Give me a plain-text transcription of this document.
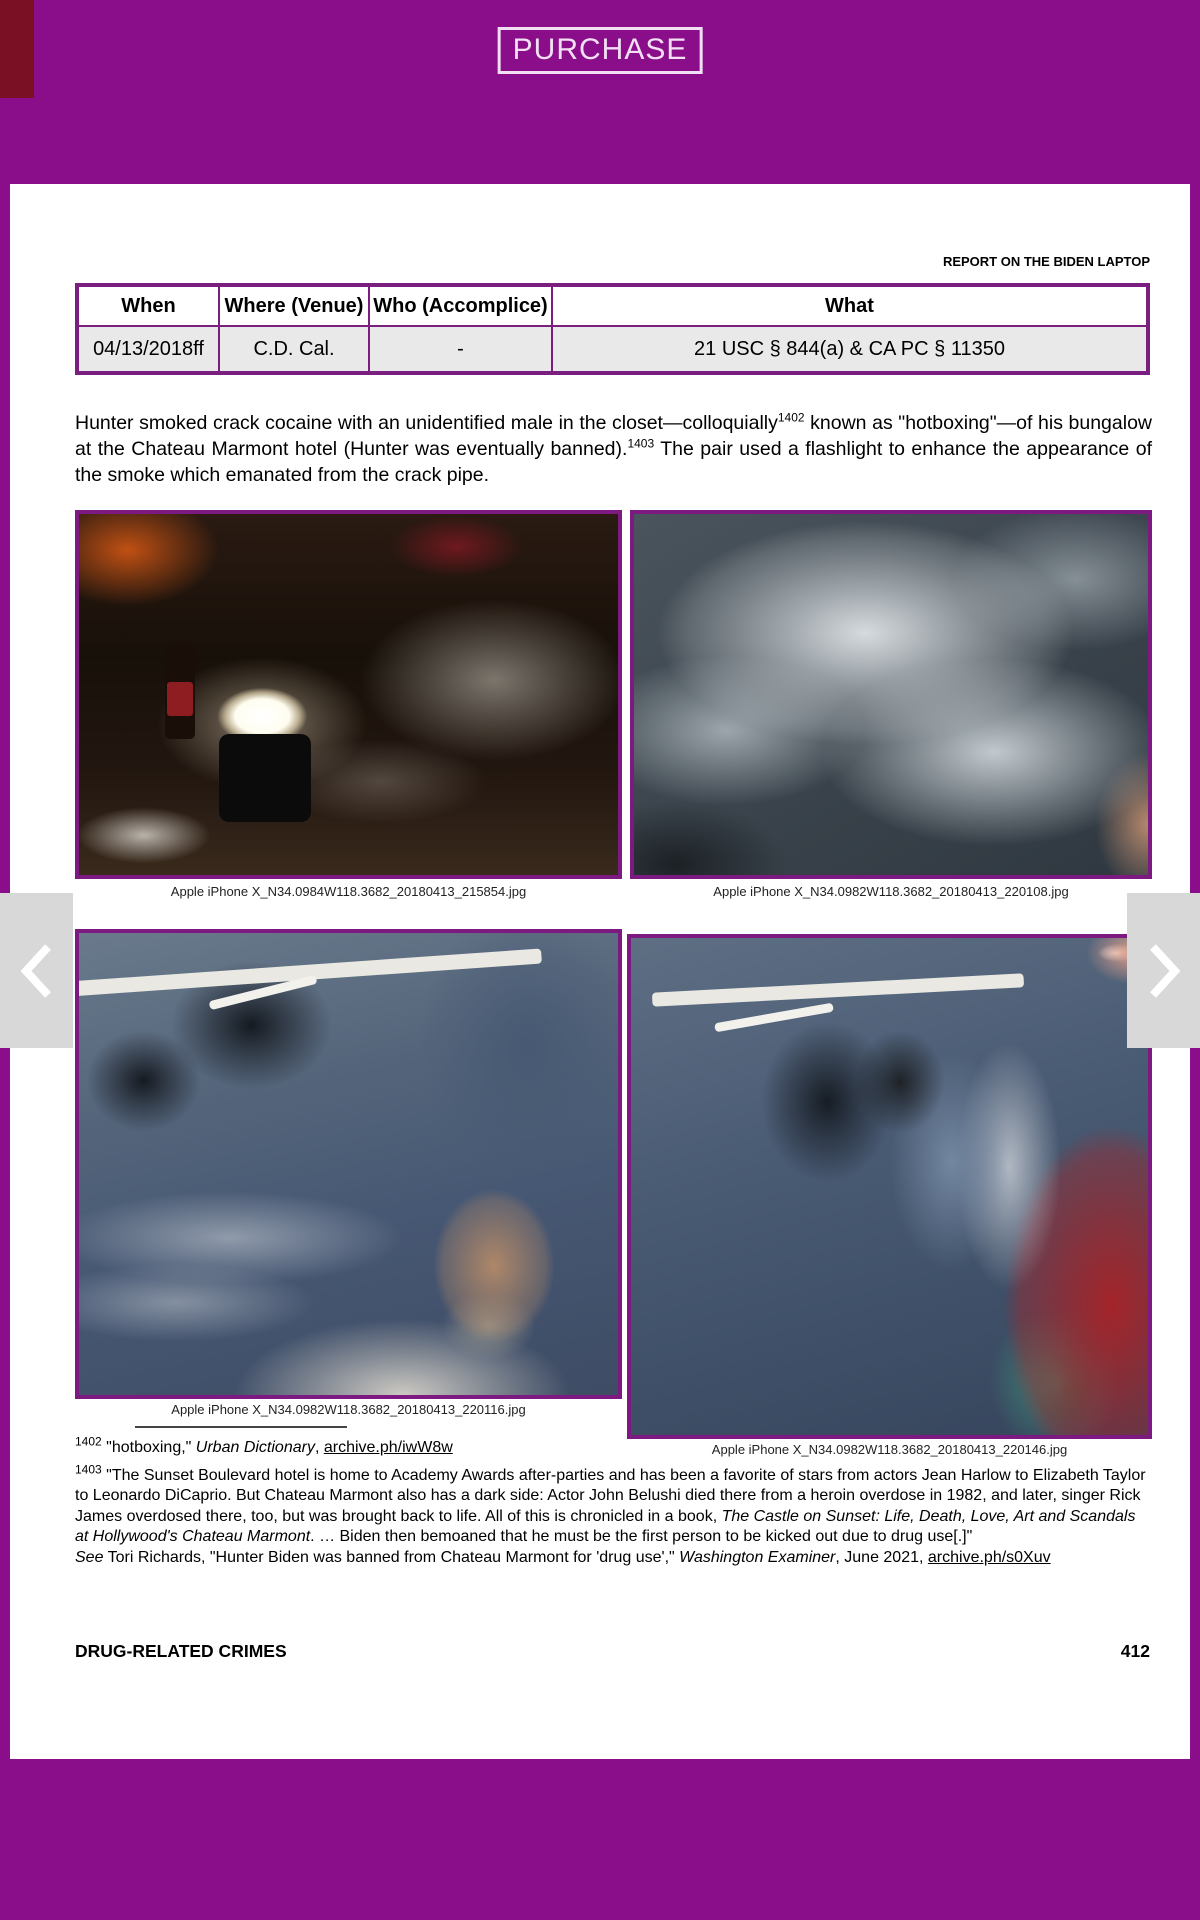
PURCHASE
REPORT ON THE BIDEN LAPTOP
When	Where (Venue)	Who (Accomplice)	What
04/13/2018ff	C.D. Cal.	-	21 USC § 844(a) & CA PC § 11350
Hunter smoked crack cocaine with an unidentified male in the closet—colloquially$^{1402}$ known as "hotboxing"—of his bungalow at the Chateau Marmont hotel (Hunter was eventually banned).$^{1403}$ The pair used a flashlight to enhance the appearance of the smoke which emanated from the crack pipe.
Apple iPhone X_N34.0984W118.3682_20180413_215854.jpg	Apple iPhone X_N34.0982W118.3682_20180413_220108.jpg
Apple iPhone X_N34.0982W118.3682_20180413_220116.jpg
Apple iPhone X_N34.0982W118.3682_20180413_220146.jpg

$^{1402}$ "hotboxing," Urban Dictionary, archive.ph/iwW8w

$^{1403}$ "The Sunset Boulevard hotel is home to Academy Awards after-parties and has been a favorite of stars from actors Jean Harlow to Elizabeth Taylor to Leonardo DiCaprio. But Chateau Marmont also has a dark side: Actor John Belushi died there from a heroin overdose in 1982, and later, singer Rick James overdosed there, too, but was brought back to life. All of this is chronicled in a book, The Castle on Sunset: Life, Death, Love, Art and Scandals at Hollywood's Chateau Marmont. … Biden then bemoaned that he must be the first person to be kicked out due to drug use[.]"

See Tori Richards, "Hunter Biden was banned from Chateau Marmont for 'drug use'," Washington Examiner, June 2021, archive.ph/s0Xuv

DRUG-RELATED CRIMES	412
